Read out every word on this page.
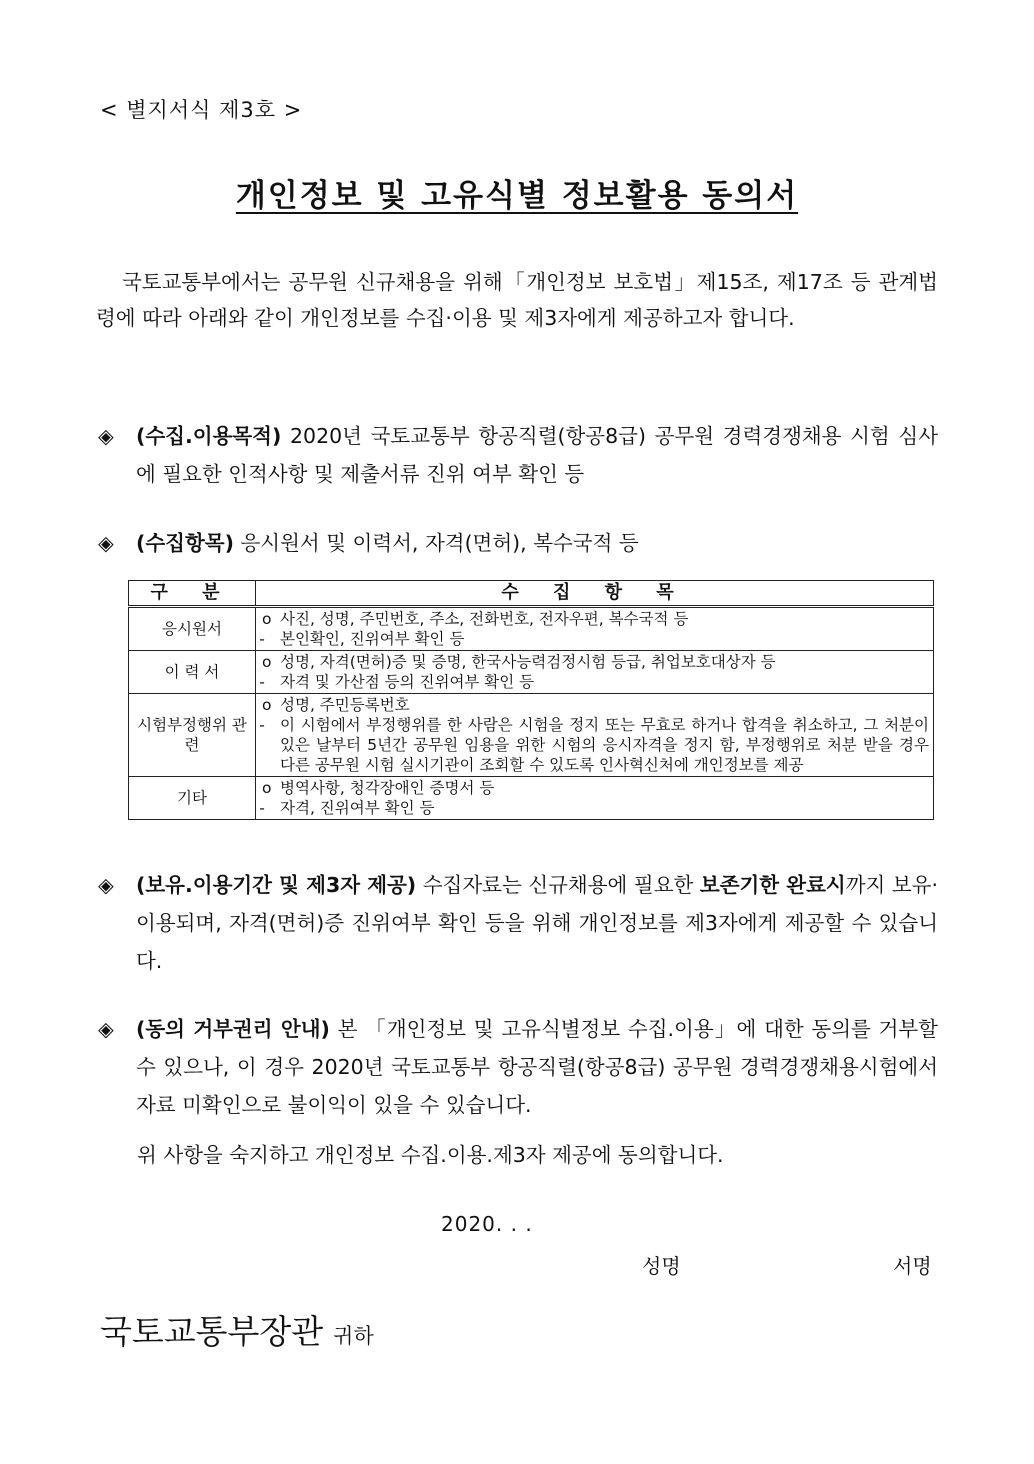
< 별지서식 제3호 >
개인정보 및 고유식별 정보활용 동의서
국토교통부에서는 공무원 신규채용을 위해「개인정보 보호법」제15조, 제17조 등 관계법령에 따라 아래와 같이 개인정보를 수집·이용 및 제3자에게 제공하고자 합니다.
◈ (수집.이용목적) 2020년 국토교통부 항공직렬(항공8급) 공무원 경력경쟁채용 시험 심사에 필요한 인적사항 및 제출서류 진위 여부 확인 등
◈ (수집항목) 응시원서 및 이력서, 자격(면허), 복수국적 등
구 분	수 집 항 목
응시원서	o 사진, 성명, 주민번호, 주소, 전화번호, 전자우편, 복수국적 등
- 본인확인, 진위여부 확인 등

이 력 서	o 성명, 자격(면허)증 및 증명, 한국사능력검정시험 등급, 취업보호대상자 등
- 자격 및 가산점 등의 진위여부 확인 등

시험부정행위 관련	o 성명, 주민등록번호
- 이 시험에서 부정행위를 한 사람은 시험을 정지 또는 무효로 하거나 합격을 취소하고, 그 처분이 있은 날부터 5년간 공무원 임용을 위한 시험의 응시자격을 정지 함, 부정행위로 처분 받을 경우 다른 공무원 시험 실시기관이 조회할 수 있도록 인사혁신처에 개인정보를 제공

기타	o 병역사항, 청각장애인 증명서 등
- 자격, 진위여부 확인 등
◈ (보유.이용기간 및 제3자 제공) 수집자료는 신규채용에 필요한 보존기한 완료시까지 보유·이용되며, 자격(면허)증 진위여부 확인 등을 위해 개인정보를 제3자에게 제공할 수 있습니다.
◈ (동의 거부권리 안내) 본 「개인정보 및 고유식별정보 수집.이용」에 대한 동의를 거부할 수 있으나, 이 경우 2020년 국토교통부 항공직렬(항공8급) 공무원 경력경쟁채용시험에서 자료 미확인으로 불이익이 있을 수 있습니다.
위 사항을 숙지하고 개인정보 수집.이용.제3자 제공에 동의합니다.
2020. . .
성명	서명
국토교통부장관 귀하
